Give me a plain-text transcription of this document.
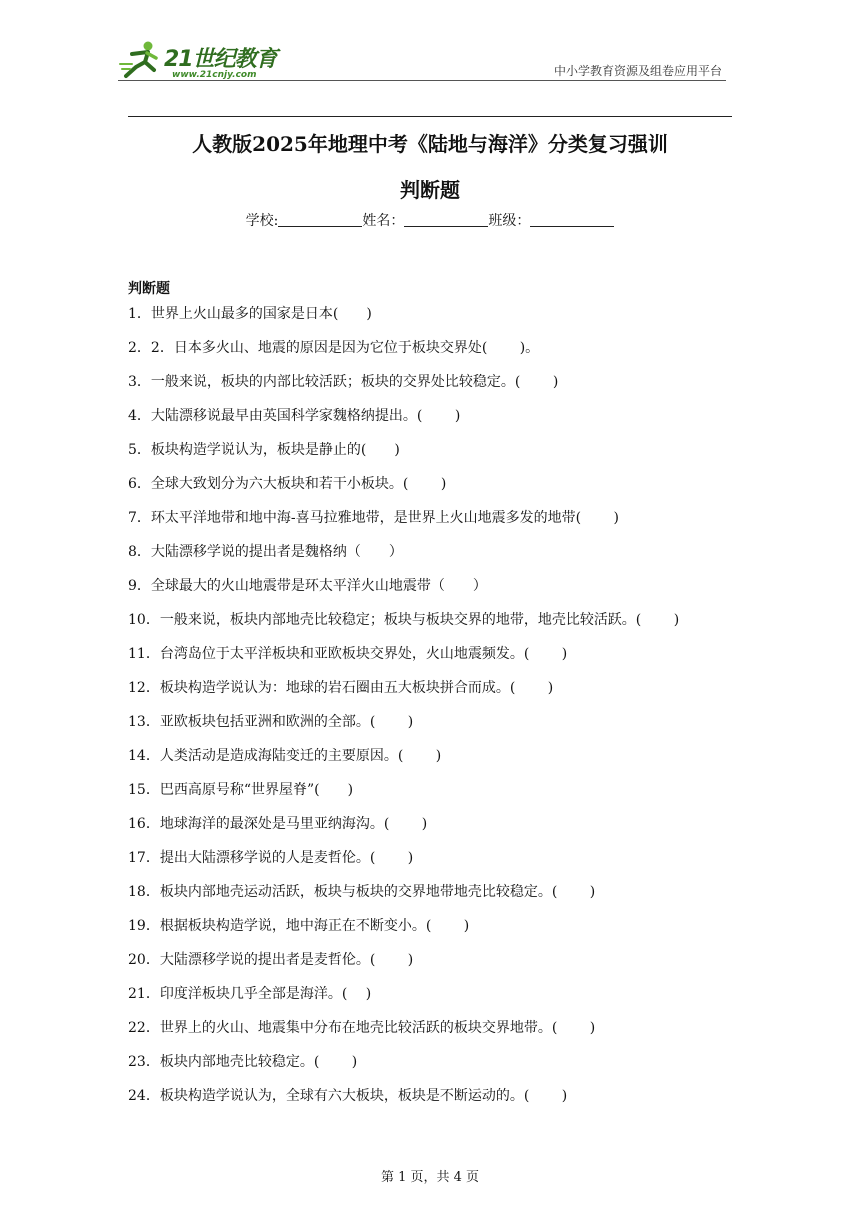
21世纪教育
www.21cnjy.com	中小学教育资源及组卷应用平台
人教版2025年地理中考《陆地与海洋》分类复习强训
判断题
学校:	姓名：	班级：
判断题
1．世界上火山最多的国家是日本(　　)
2．2．日本多火山、地震的原因是因为它位于板块交界处(　　 )。
3．一般来说，板块的内部比较活跃；板块的交界处比较稳定。(　　 )
4．大陆漂移说最早由英国科学家魏格纳提出。(　　 )
5．板块构造学说认为，板块是静止的(　　)
6．全球大致划分为六大板块和若干小板块。(　　 )
7．环太平洋地带和地中海-喜马拉雅地带，是世界上火山地震多发的地带(　　 )
8．大陆漂移学说的提出者是魏格纳（　　）
9．全球最大的火山地震带是环太平洋火山地震带（　　）
10．一般来说，板块内部地壳比较稳定；板块与板块交界的地带，地壳比较活跃。(　　 )
11．台湾岛位于太平洋板块和亚欧板块交界处，火山地震频发。(　　 )
12．板块构造学说认为：地球的岩石圈由五大板块拼合而成。(　　 )
13．亚欧板块包括亚洲和欧洲的全部。(　　 )
14．人类活动是造成海陆变迁的主要原因。(　　 )
15．巴西高原号称“世界屋脊”(　　)
16．地球海洋的最深处是马里亚纳海沟。(　　 )
17．提出大陆漂移学说的人是麦哲伦。(　　 )
18．板块内部地壳运动活跃，板块与板块的交界地带地壳比较稳定。(　　 )
19．根据板块构造学说，地中海正在不断变小。(　　 )
20．大陆漂移学说的提出者是麦哲伦。(　　 )
21．印度洋板块几乎全部是海洋。(　 )
22．世界上的火山、地震集中分布在地壳比较活跃的板块交界地带。(　　 )
23．板块内部地壳比较稳定。(　　 )
24．板块构造学说认为，全球有六大板块，板块是不断运动的。(　　 )
第 1 页，共 4 页
